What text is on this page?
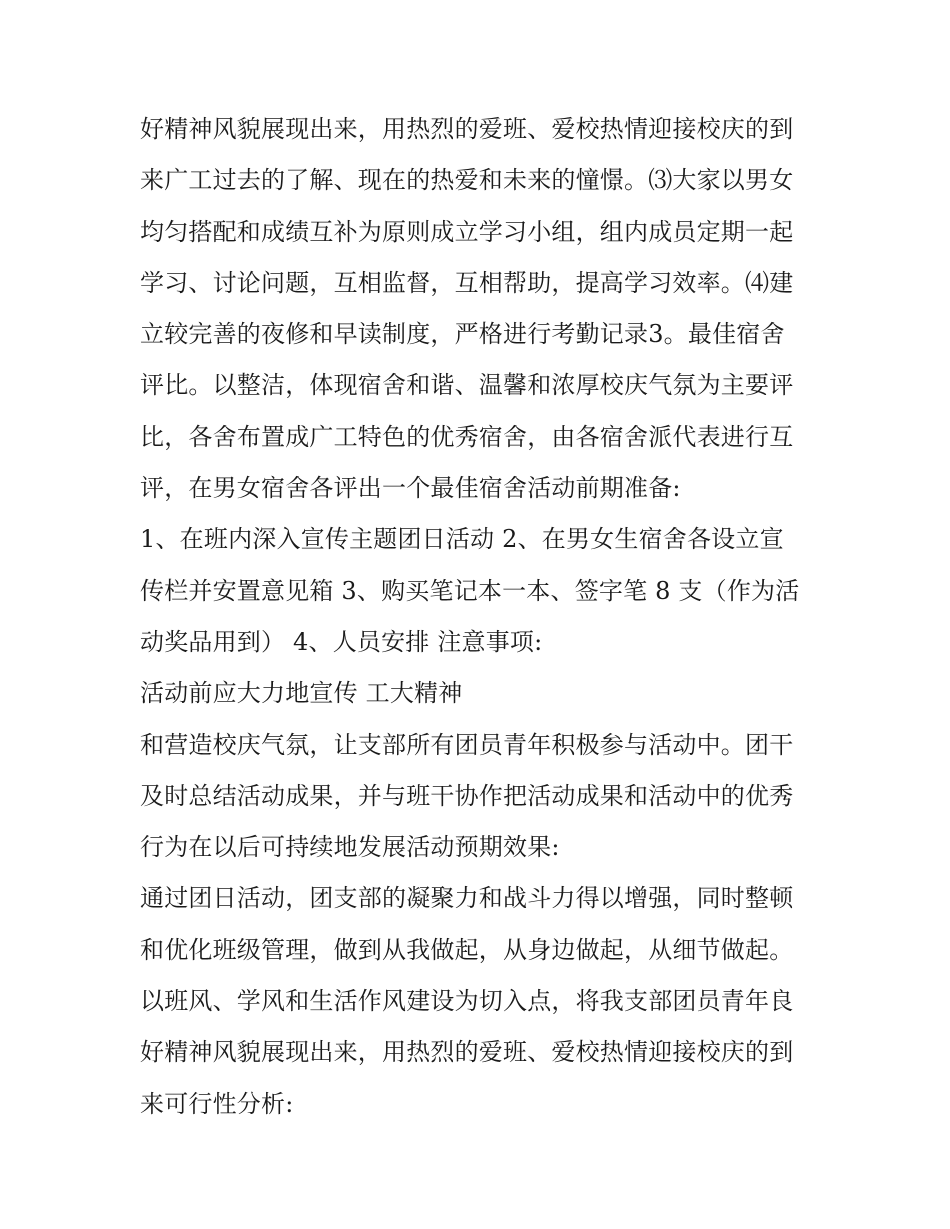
好精神风貌展现出来，用热烈的爱班、爱校热情迎接校庆的到
来广工过去的了解、现在的热爱和未来的憧憬。⑶大家以男女
均匀搭配和成绩互补为原则成立学习小组，组内成员定期一起
学习、讨论问题，互相监督，互相帮助，提高学习效率。⑷建
立较完善的夜修和早读制度，严格进行考勤记录3。最佳宿舍
评比。以整洁，体现宿舍和谐、温馨和浓厚校庆气氛为主要评
比，各舍布置成广工特色的优秀宿舍，由各宿舍派代表进行互
评，在男女宿舍各评出一个最佳宿舍活动前期准备:
1、在班内深入宣传主题团日活动 2、在男女生宿舍各设立宣
传栏并安置意见箱 3、购买笔记本一本、签字笔 8 支（作为活
动奖品用到） 4、人员安排 注意事项:
活动前应大力地宣传 工大精神
和营造校庆气氛，让支部所有团员青年积极参与活动中。团干
及时总结活动成果，并与班干协作把活动成果和活动中的优秀
行为在以后可持续地发展活动预期效果:
通过团日活动，团支部的凝聚力和战斗力得以增强，同时整顿
和优化班级管理，做到从我做起，从身边做起，从细节做起。
以班风、学风和生活作风建设为切入点，将我支部团员青年良
好精神风貌展现出来，用热烈的爱班、爱校热情迎接校庆的到
来可行性分析:
